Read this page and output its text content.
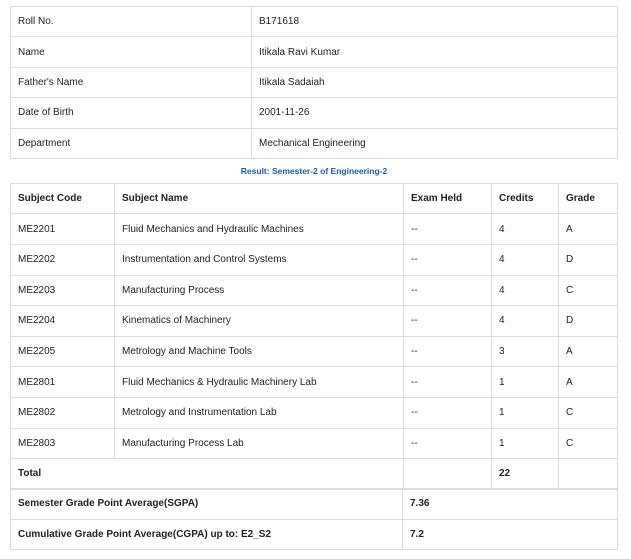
Roll No.	B171618
Name	Itikala Ravi Kumar
Father's Name	Itikala Sadaiah
Date of Birth	2001-11-26
Department	Mechanical Engineering
Result: Semester-2 of Engineering-2
Subject Code	Subject Name	Exam Held	Credits	Grade
ME2201	Fluid Mechanics and Hydraulic Machines	--	4	A
ME2202	Instrumentation and Control Systems	--	4	D
ME2203	Manufacturing Process	--	4	C
ME2204	Kinematics of Machinery	--	4	D
ME2205	Metrology and Machine Tools	--	3	A
ME2801	Fluid Mechanics & Hydraulic Machinery Lab	--	1	A
ME2802	Metrology and Instrumentation Lab	--	1	C
ME2803	Manufacturing Process Lab	--	1	C
Total			22	
Semester Grade Point Average(SGPA)	7.36
Cumulative Grade Point Average(CGPA) up to: E2_S2	7.2
